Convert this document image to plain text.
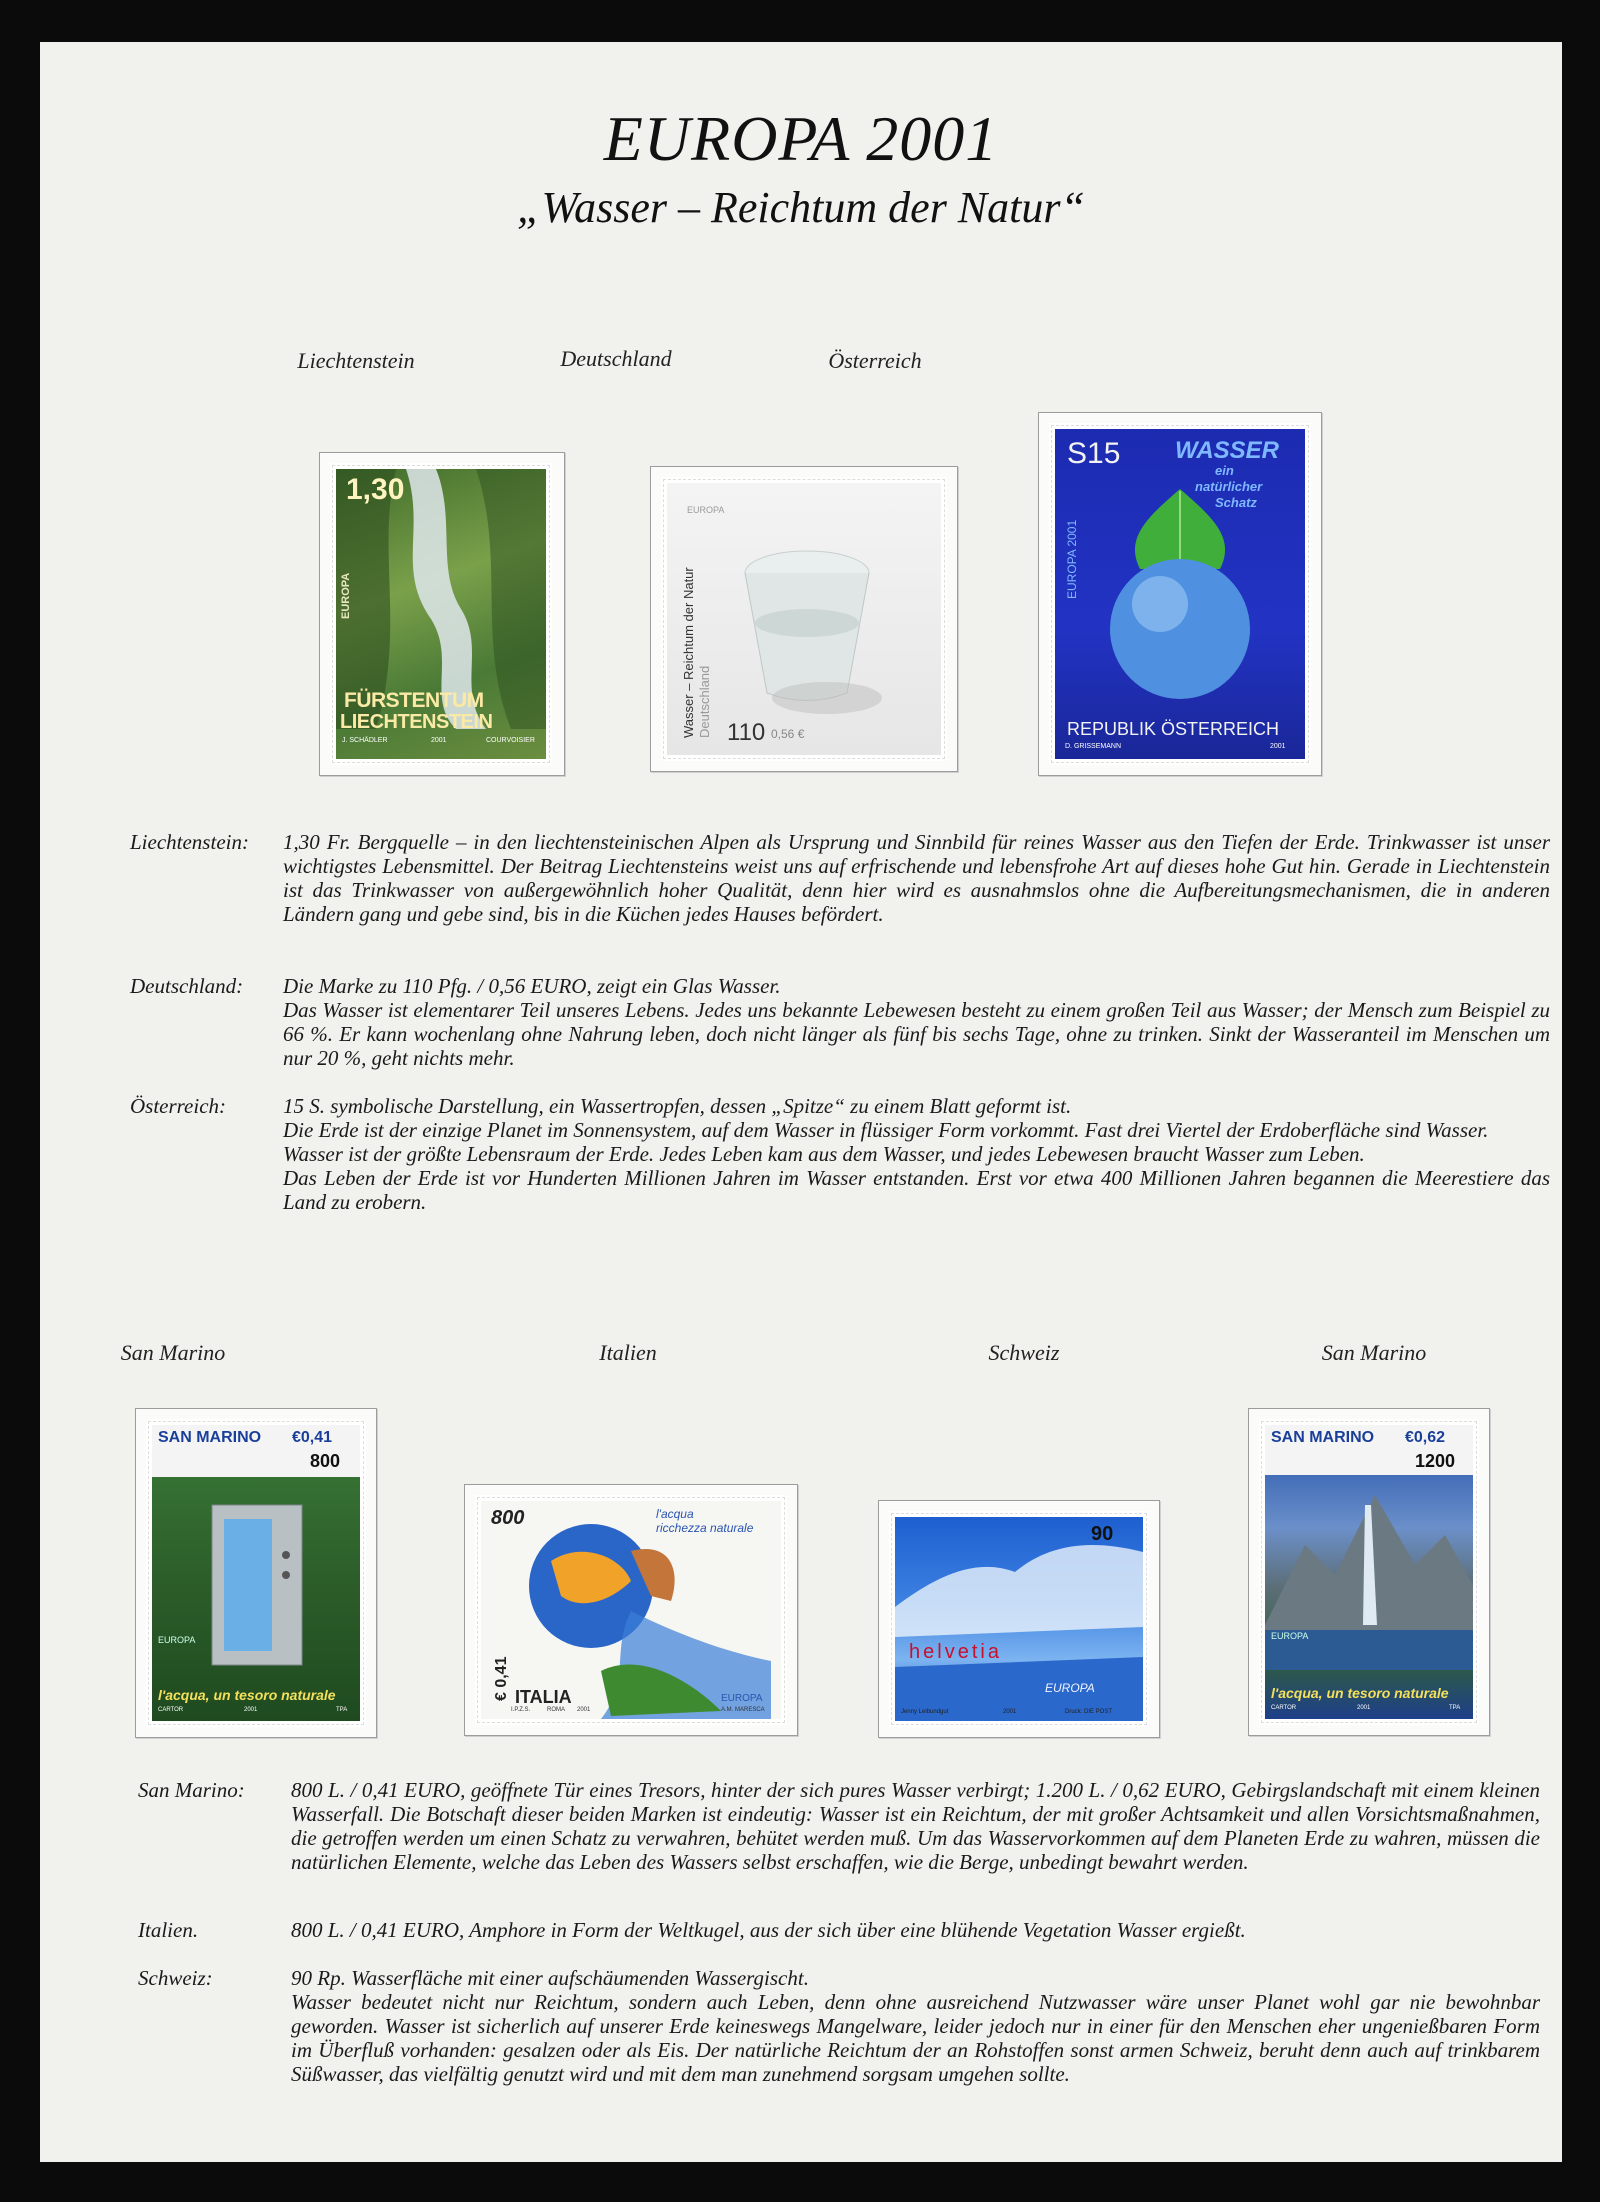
EUROPA 2001
„Wasser – Reichtum der Natur“
Liechtenstein	Deutschland	Österreich
1,30
EUROPA
FÜRSTENTUM
LIECHTENSTEIN
J. SCHÄDLER	2001	COURVOISIER
EUROPA
Wasser – Reichtum der Natur Deutschland 110 0,56 €
S15 WASSER
ein
natürlicher
Schatz
EUROPA 2001
REPUBLIK ÖSTERREICH
D. GRISSEMANN	2001
Liechtenstein:	1,30 Fr. Bergquelle – in den liechtensteinischen Alpen als Ursprung und Sinnbild für reines Wasser aus den Tiefen der Erde. Trinkwasser ist unser wichtigstes Lebensmittel. Der Beitrag Liechtensteins weist uns auf erfrischende und lebensfrohe Art auf dieses hohe Gut hin. Gerade in Liechtenstein ist das Trinkwasser von außergewöhnlich hoher Qualität, denn hier wird es ausnahmslos ohne die Aufbereitungsmechanismen, die in anderen Ländern gang und gebe sind, bis in die Küchen jedes Hauses befördert.
Deutschland:	Die Marke zu 110 Pfg. / 0,56 EURO, zeigt ein Glas Wasser.
Das Wasser ist elementarer Teil unseres Lebens. Jedes uns bekannte Lebewesen besteht zu einem großen Teil aus Wasser; der Mensch zum Beispiel zu 66 %. Er kann wochenlang ohne Nahrung leben, doch nicht länger als fünf bis sechs Tage, ohne zu trinken. Sinkt der Wasseranteil im Menschen um nur 20 %, geht nichts mehr.
Österreich:	15 S. symbolische Darstellung, ein Wassertropfen, dessen „Spitze“ zu einem Blatt geformt ist.
Die Erde ist der einzige Planet im Sonnensystem, auf dem Wasser in flüssiger Form vorkommt. Fast drei Viertel der Erdoberfläche sind Wasser.
Wasser ist der größte Lebensraum der Erde. Jedes Leben kam aus dem Wasser, und jedes Lebewesen braucht Wasser zum Leben.
Das Leben der Erde ist vor Hunderten Millionen Jahren im Wasser entstanden. Erst vor etwa 400 Millionen Jahren begannen die Meerestiere das Land zu erobern.
San Marino	Italien	Schweiz	San Marino
SAN MARINO €0,41
800
EUROPA
l'acqua, un tesoro naturale
CARTOR	2001	TPA
800	l'acqua
ricchezza naturale
€ 0,41 ITALIA	EUROPA
I.P.Z.S.	ROMA 2001	A.M. MARESCA
90
helvetia
EUROPA
Jenny Leibundgut	2001	Druck: DIE POST
SAN MARINO €0,62
1200
EUROPA
l'acqua, un tesoro naturale
CARTOR	2001	TPA
San Marino:	800 L. / 0,41 EURO, geöffnete Tür eines Tresors, hinter der sich pures Wasser verbirgt; 1.200 L. / 0,62 EURO, Gebirgslandschaft mit einem kleinen Wasserfall. Die Botschaft dieser beiden Marken ist eindeutig: Wasser ist ein Reichtum, der mit großer Achtsamkeit und allen Vorsichtsmaßnahmen, die getroffen werden um einen Schatz zu verwahren, behütet werden muß. Um das Wasservorkommen auf dem Planeten Erde zu wahren, müssen die natürlichen Elemente, welche das Leben des Wassers selbst erschaffen, wie die Berge, unbedingt bewahrt werden.
Italien.	800 L. / 0,41 EURO, Amphore in Form der Weltkugel, aus der sich über eine blühende Vegetation Wasser ergießt.
Schweiz:	90 Rp. Wasserfläche mit einer aufschäumenden Wassergischt.
Wasser bedeutet nicht nur Reichtum, sondern auch Leben, denn ohne ausreichend Nutzwasser wäre unser Planet wohl gar nie bewohnbar geworden. Wasser ist sicherlich auf unserer Erde keineswegs Mangelware, leider jedoch nur in einer für den Menschen eher ungenießbaren Form im Überfluß vorhanden: gesalzen oder als Eis. Der natürliche Reichtum der an Rohstoffen sonst armen Schweiz, beruht denn auch auf trinkbarem Süßwasser, das vielfältig genutzt wird und mit dem man zunehmend sorgsam umgehen sollte.
